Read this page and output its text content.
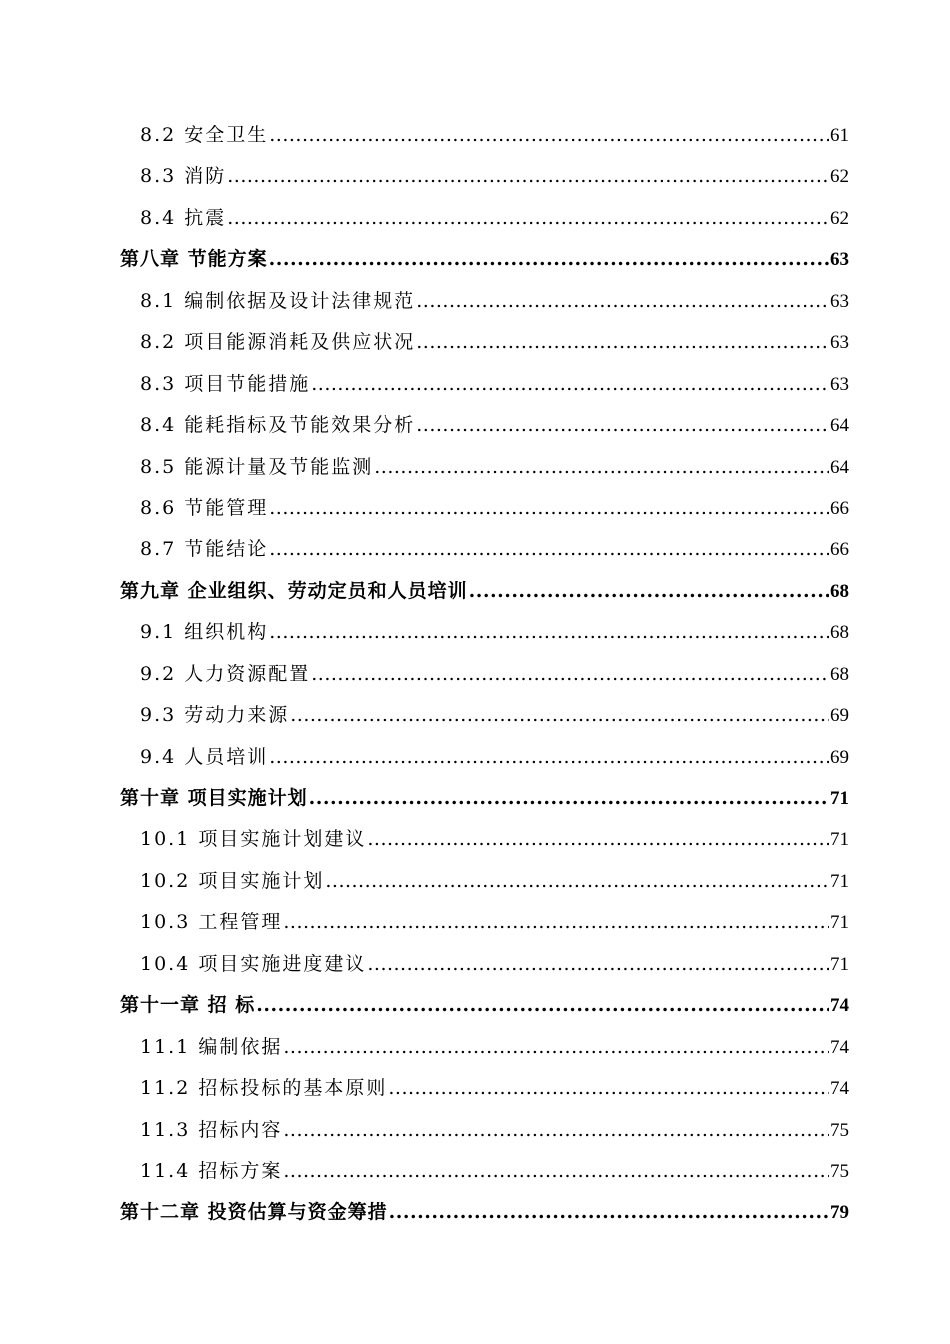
8.2 安全卫生 .....	61
8.3 消防 .....	62
8.4 抗震 .....	62
第八章 节能方案 .....	63
8.1 编制依据及设计法律规范 .....	63
8.2 项目能源消耗及供应状况 .....	63
8.3 项目节能措施 .....	63
8.4 能耗指标及节能效果分析 .....	64
8.5 能源计量及节能监测 .....	64
8.6 节能管理 .....	66
8.7 节能结论 .....	66
第九章 企业组织、劳动定员和人员培训 .....	68
9.1 组织机构 .....	68
9.2 人力资源配置 .....	68
9.3 劳动力来源 .....	69
9.4 人员培训 .....	69
第十章 项目实施计划 .....	71
10.1 项目实施计划建议 .....	71
10.2 项目实施计划 .....	71
10.3 工程管理 .....	71
10.4 项目实施进度建议 .....	71
第十一章 招 标 .....	74
11.1 编制依据 .....	74
11.2 招标投标的基本原则 .....	74
11.3 招标内容 .....	75
11.4 招标方案 .....	75
第十二章 投资估算与资金筹措 .....	79
